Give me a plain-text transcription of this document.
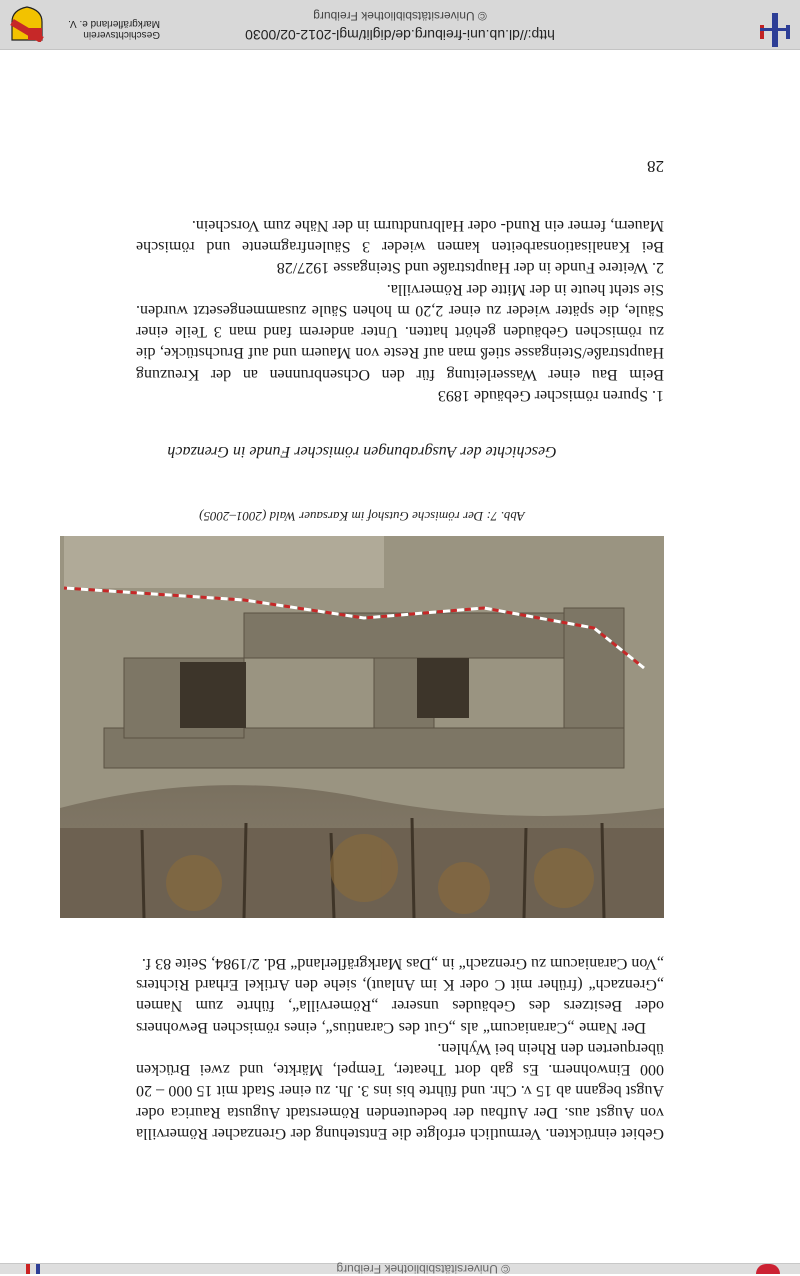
© Universitätsbibliothek Freiburg

Gebiet einrückten. Vermutlich erfolgte die Entstehung der Grenzacher Römervilla von Augst aus. Der Aufbau der bedeutenden Römerstadt Augusta Raurica oder Augst begann ab 15 v. Chr. und führte bis ins 3. Jh. zu einer Stadt mit 15 000 – 20 000 Einwohnern. Es gab dort Theater, Tempel, Märkte, und zwei Brücken überquerten den Rhein bei Wyhlen.

Der Name „Caraniacum“ als „Gut des Carantius“, eines römischen Bewohners oder Besitzers des Gebäudes unserer „Römervilla“, führte zum Namen „Grenzach“ (früher mit C oder K im Anlaut), siehe den Artikel Erhard Richters „Von Caraniacum zu Grenzach“ in „Das Markgräflerland“ Bd. 2/1984, Seite 83 f.

Abb. 7: Der römische Gutshof im Karsauer Wald (2001–2005)
Geschichte der Ausgrabungen römischer Funde in Grenzach

1. Spuren römischer Gebäude 1893

Beim Bau einer Wasserleitung für den Ochsenbrunnen an der Kreuzung Hauptstraße/Steingasse stieß man auf Reste von Mauern und auf Bruchstücke, die zu römischen Gebäuden gehört hatten. Unter anderem fand man 3 Teile einer Säule, die später wieder zu einer 2,20 m hohen Säule zusammengesetzt wurden. Sie steht heute in der Mitte der Römervilla.

2. Weitere Funde in der Hauptstraße und Steingasse 1927/28

Bei Kanalisationsarbeiten kamen wieder 3 Säulenfragmente und römische Mauern, ferner ein Rund- oder Halbrundturm in der Nähe zum Vorschein.

28
http://dl.ub.uni-freiburg.de/diglit/mgl-2012-02/0030
© Universitätsbibliothek Freiburg
Geschichtsverein
Markgräflerland e. V.
